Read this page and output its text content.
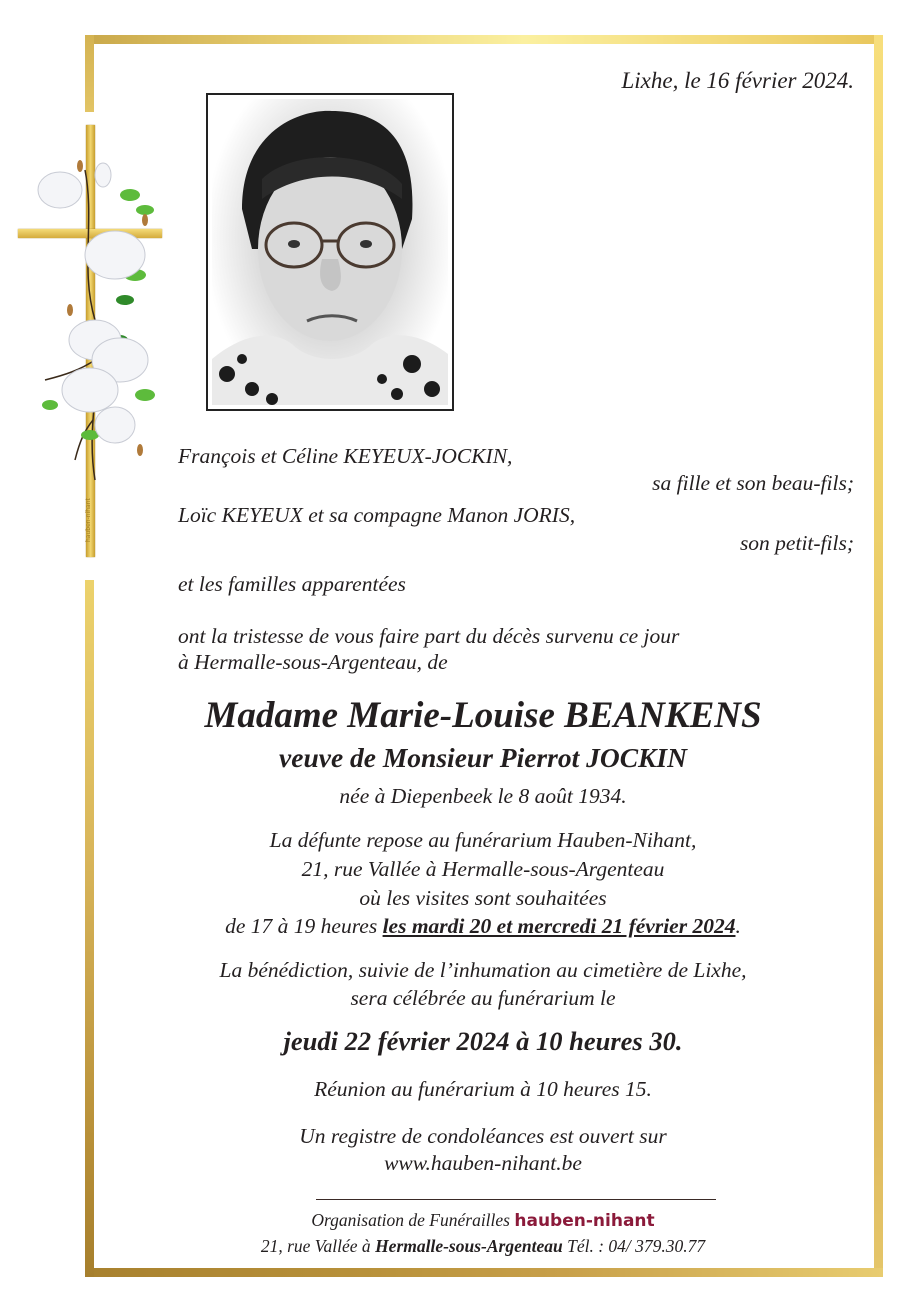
hauben-nihant
Lixhe, le 16 février 2024.
François et Céline KEYEUX-JOCKIN,
sa fille et son beau-fils;
Loïc KEYEUX et sa compagne Manon JORIS,
son petit-fils;
et les familles apparentées
ont la tristesse de vous faire part du décès survenu ce jour
à Hermalle-sous-Argenteau, de
Madame Marie-Louise BEANKENS
veuve de Monsieur Pierrot JOCKIN
née à Diepenbeek le 8 août 1934.
La défunte repose au funérarium Hauben-Nihant,
21, rue Vallée à Hermalle-sous-Argenteau
où les visites sont souhaitées
de 17 à 19 heures les mardi 20 et mercredi 21 février 2024.
La bénédiction, suivie de l’inhumation au cimetière de Lixhe,
sera célébrée au funérarium le
jeudi 22 février 2024 à 10 heures 30.
Réunion au funérarium à 10 heures 15.
Un registre de condoléances est ouvert sur
www.hauben-nihant.be
Organisation de Funérailles hauben-nihant
21, rue Vallée à Hermalle-sous-Argenteau Tél. : 04/ 379.30.77
